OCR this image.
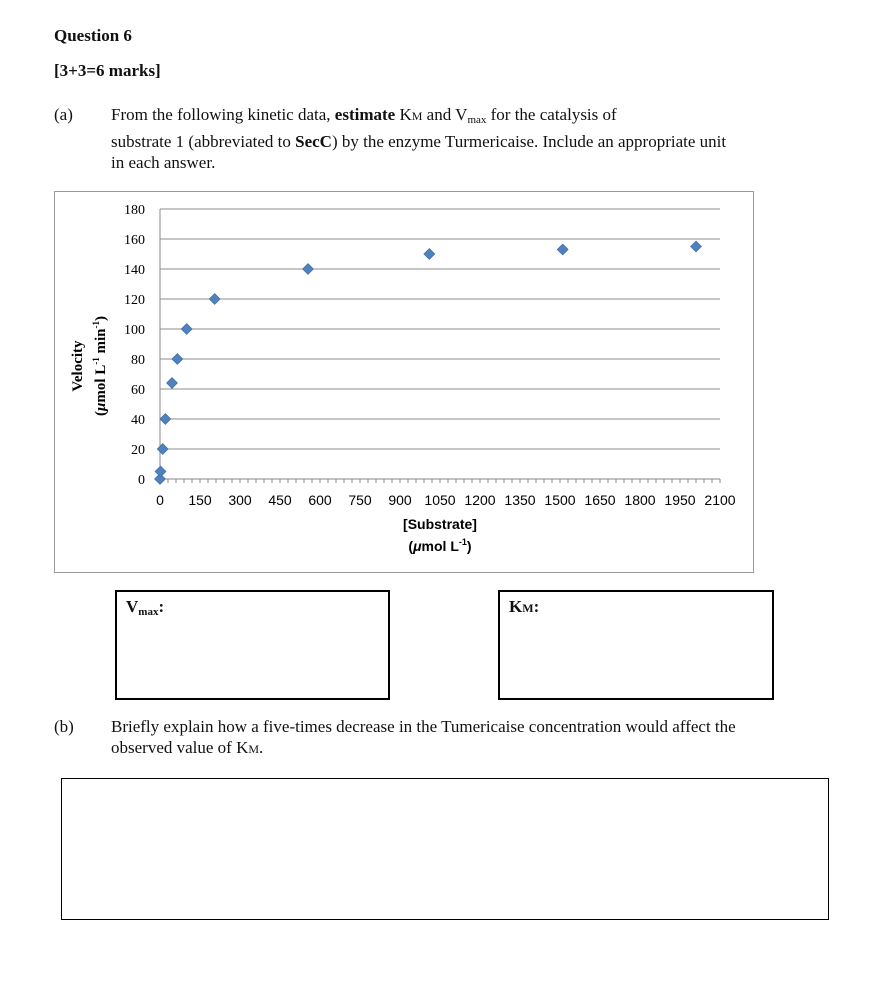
Question 6
[3+3=6 marks]
(a) From the following kinetic data, estimate KM and $V_{max}$ for the catalysis of
substrate 1 (abbreviated to SecC) by the enzyme Turmericaise. Include an appropriate unit
in each answer.
180
160
140
120
100
80
60
40
20
0
0 150 300 450 600 750 900 1050 1200 1350 1500 1650 1800 1950 2100
Velocity
(μmol $L^{-1}$ $\min^{-1}$)
[Substrate]
(μmol $L^{-1}$)
$V_{max}$:	KM:
(b) Briefly explain how a five-times decrease in the Tumericaise concentration would affect the
observed value of KM.
